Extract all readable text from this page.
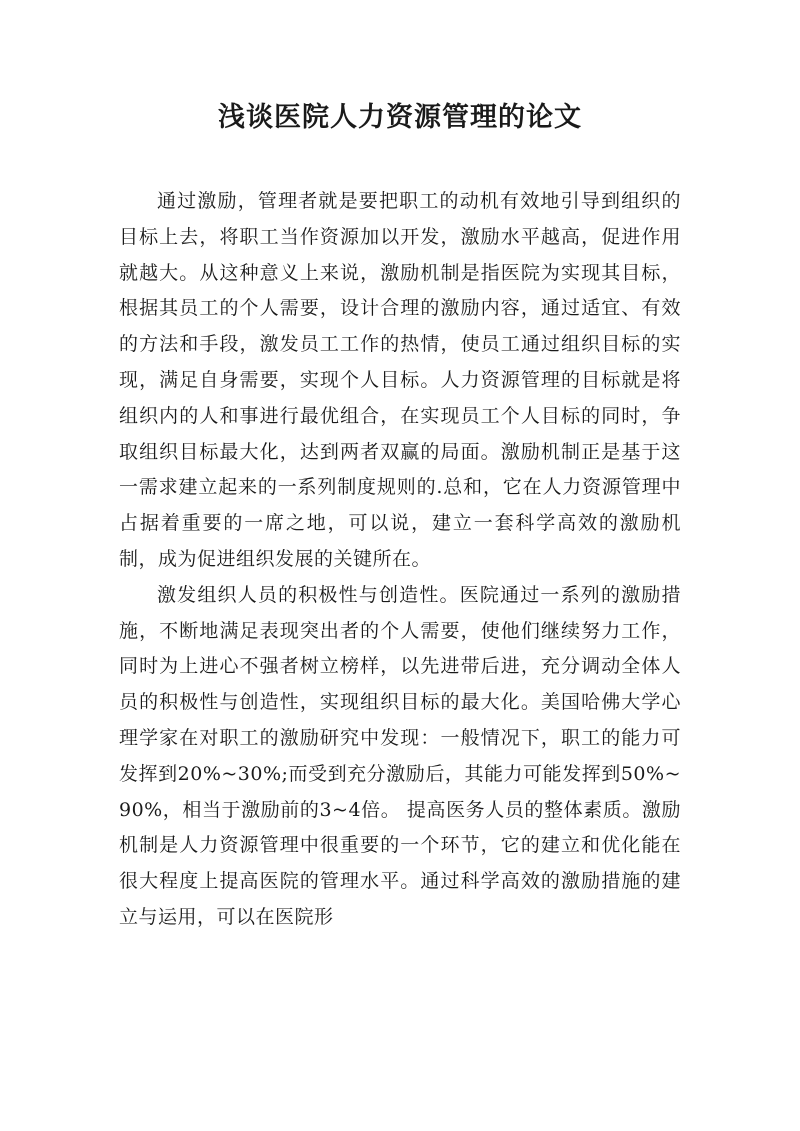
浅谈医院人力资源管理的论文

通过激励，管理者就是要把职工的动机有效地引导到组织的目标上去，将职工当作资源加以开发，激励水平越高，促进作用就越大。从这种意义上来说，激励机制是指医院为实现其目标，根据其员工的个人需要，设计合理的激励内容，通过适宜、有效的方法和手段，激发员工工作的热情，使员工通过组织目标的实现，满足自身需要，实现个人目标。人力资源管理的目标就是将组织内的人和事进行最优组合，在实现员工个人目标的同时，争取组织目标最大化，达到两者双赢的局面。激励机制正是基于这一需求建立起来的一系列制度规则的.总和，它在人力资源管理中占据着重要的一席之地，可以说，建立一套科学高效的激励机制，成为促进组织发展的关键所在。

激发组织人员的积极性与创造性。医院通过一系列的激励措施，不断地满足表现突出者的个人需要，使他们继续努力工作，同时为上进心不强者树立榜样，以先进带后进，充分调动全体人员的积极性与创造性，实现组织目标的最大化。美国哈佛大学心理学家在对职工的激励研究中发现：一般情况下，职工的能力可发挥到20%~30%;而受到充分激励后，其能力可能发挥到50%~90%，相当于激励前的3~4倍。 提高医务人员的整体素质。激励机制是人力资源管理中很重要的一个环节，它的建立和优化能在很大程度上提高医院的管理水平。通过科学高效的激励措施的建立与运用，可以在医院形
